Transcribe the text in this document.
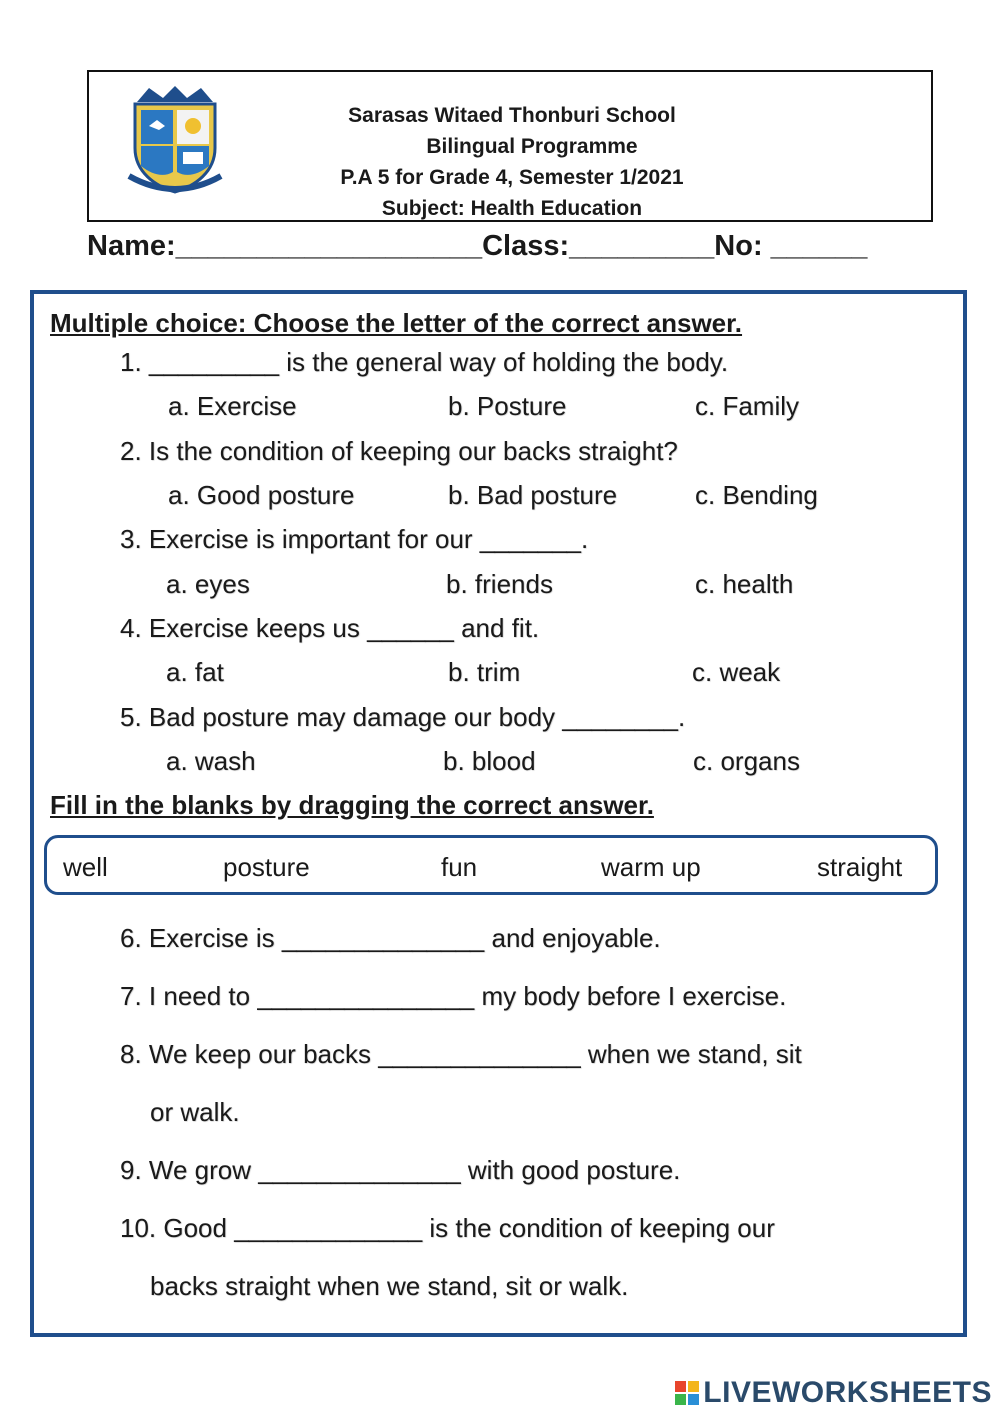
Sarasas Witaed Thonburi School
Bilingual Programme
P.A 5 for Grade 4, Semester 1/2021
Subject: Health Education
Name:___________________Class:_________No: ______
Multiple choice: Choose the letter of the correct answer.
1. _________ is the general way of holding the body.
a. Exercise	b. Posture	c. Family
2. Is the condition of keeping our backs straight?
a. Good posture	b. Bad posture	c. Bending
3. Exercise is important for our _______.
a. eyes	b. friends	c. health
4. Exercise keeps us ______ and fit.
a. fat	b. trim	c. weak
5. Bad posture may damage our body ________.
a. wash	b. blood	c. organs
Fill in the blanks by dragging the correct answer.
well	posture	fun	warm up	straight
6. Exercise is ______________ and enjoyable.
7. I need to _______________ my body before I exercise.
8. We keep our backs ______________ when we stand, sit
or walk.
9. We grow ______________ with good posture.
10. Good _____________ is the condition of keeping our
backs straight when we stand, sit or walk.
LIVEWORKSHEETS
